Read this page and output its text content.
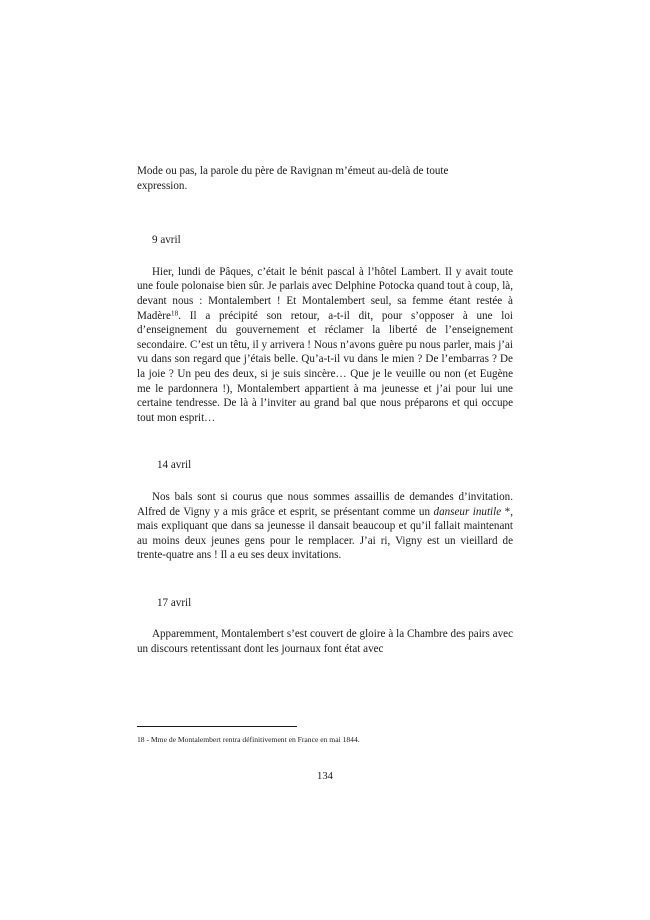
Mode ou pas, la parole du père de Ravignan m’émeut au-delà de toute
expression.

9 avril

Hier, lundi de Pâques, c’était le bénit pascal à l’hôtel Lambert. Il y avait toute une foule polonaise bien sûr. Je parlais avec Delphine Potocka quand tout à coup, là, devant nous : Montalembert ! Et Montalembert seul, sa femme étant restée à Madère$^{18}$. Il a précipité son retour, a-t-il dit, pour s’opposer à une loi d’enseignement du gouvernement et réclamer la liberté de l’enseignement secondaire. C’est un têtu, il y arrivera ! Nous n’avons guère pu nous parler, mais j’ai vu dans son regard que j’étais belle. Qu’a-t-il vu dans le mien ? De l’embarras ? De la joie ? Un peu des deux, si je suis sincère… Que je le veuille ou non (et Eugène me le pardonnera !), Montalembert appartient à ma jeunesse et j’ai pour lui une certaine tendresse. De là à l’inviter au grand bal que nous préparons et qui occupe tout mon esprit…

14 avril

Nos bals sont si courus que nous sommes assaillis de demandes d’invitation. Alfred de Vigny y a mis grâce et esprit, se présentant comme un danseur inutile *, mais expliquant que dans sa jeunesse il dansait beaucoup et qu’il fallait maintenant au moins deux jeunes gens pour le remplacer. J’ai ri, Vigny est un vieillard de trente-quatre ans ! Il a eu ses deux invitations.

17 avril

Apparemment, Montalembert s’est couvert de gloire à la Chambre des pairs avec un discours retentissant dont les journaux font état avec

18 - Mme de Montalembert rentra définitivement en France en mai 1844.

134
